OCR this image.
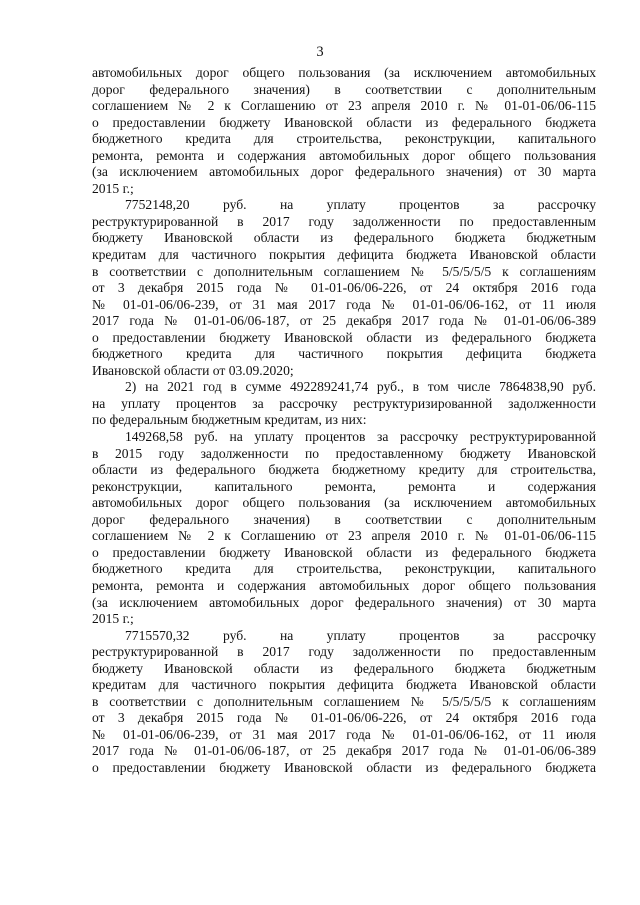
3
автомобильных дорог общего пользования (за исключением автомобильных
дорог федерального значения) в соответствии с дополнительным
соглашением № 2 к Соглашению от 23 апреля 2010 г. № 01-01-06/06-115
о предоставлении бюджету Ивановской области из федерального бюджета
бюджетного кредита для строительства, реконструкции, капитального
ремонта, ремонта и содержания автомобильных дорог общего пользования
(за исключением автомобильных дорог федерального значения) от 30 марта
2015 г.;
7752148,20 руб. на уплату процентов за рассрочку
реструктурированной в 2017 году задолженности по предоставленным
бюджету Ивановской области из федерального бюджета бюджетным
кредитам для частичного покрытия дефицита бюджета Ивановской области
в соответствии с дополнительным соглашением № 5/5/5/5/5 к соглашениям
от 3 декабря 2015 года № 01-01-06/06-226, от 24 октября 2016 года
№ 01-01-06/06-239, от 31 мая 2017 года № 01-01-06/06-162, от 11 июля
2017 года № 01-01-06/06-187, от 25 декабря 2017 года № 01-01-06/06-389
о предоставлении бюджету Ивановской области из федерального бюджета
бюджетного кредита для частичного покрытия дефицита бюджета
Ивановской области от 03.09.2020;
2) на 2021 год в сумме 492289241,74 руб., в том числе 7864838,90 руб.
на уплату процентов за рассрочку реструктуризированной задолженности
по федеральным бюджетным кредитам, из них:
149268,58 руб. на уплату процентов за рассрочку реструктурированной
в 2015 году задолженности по предоставленному бюджету Ивановской
области из федерального бюджета бюджетному кредиту для строительства,
реконструкции, капитального ремонта, ремонта и содержания
автомобильных дорог общего пользования (за исключением автомобильных
дорог федерального значения) в соответствии с дополнительным
соглашением № 2 к Соглашению от 23 апреля 2010 г. № 01-01-06/06-115
о предоставлении бюджету Ивановской области из федерального бюджета
бюджетного кредита для строительства, реконструкции, капитального
ремонта, ремонта и содержания автомобильных дорог общего пользования
(за исключением автомобильных дорог федерального значения) от 30 марта
2015 г.;
7715570,32 руб. на уплату процентов за рассрочку
реструктурированной в 2017 году задолженности по предоставленным
бюджету Ивановской области из федерального бюджета бюджетным
кредитам для частичного покрытия дефицита бюджета Ивановской области
в соответствии с дополнительным соглашением № 5/5/5/5/5 к соглашениям
от 3 декабря 2015 года № 01-01-06/06-226, от 24 октября 2016 года
№ 01-01-06/06-239, от 31 мая 2017 года № 01-01-06/06-162, от 11 июля
2017 года № 01-01-06/06-187, от 25 декабря 2017 года № 01-01-06/06-389
о предоставлении бюджету Ивановской области из федерального бюджета
